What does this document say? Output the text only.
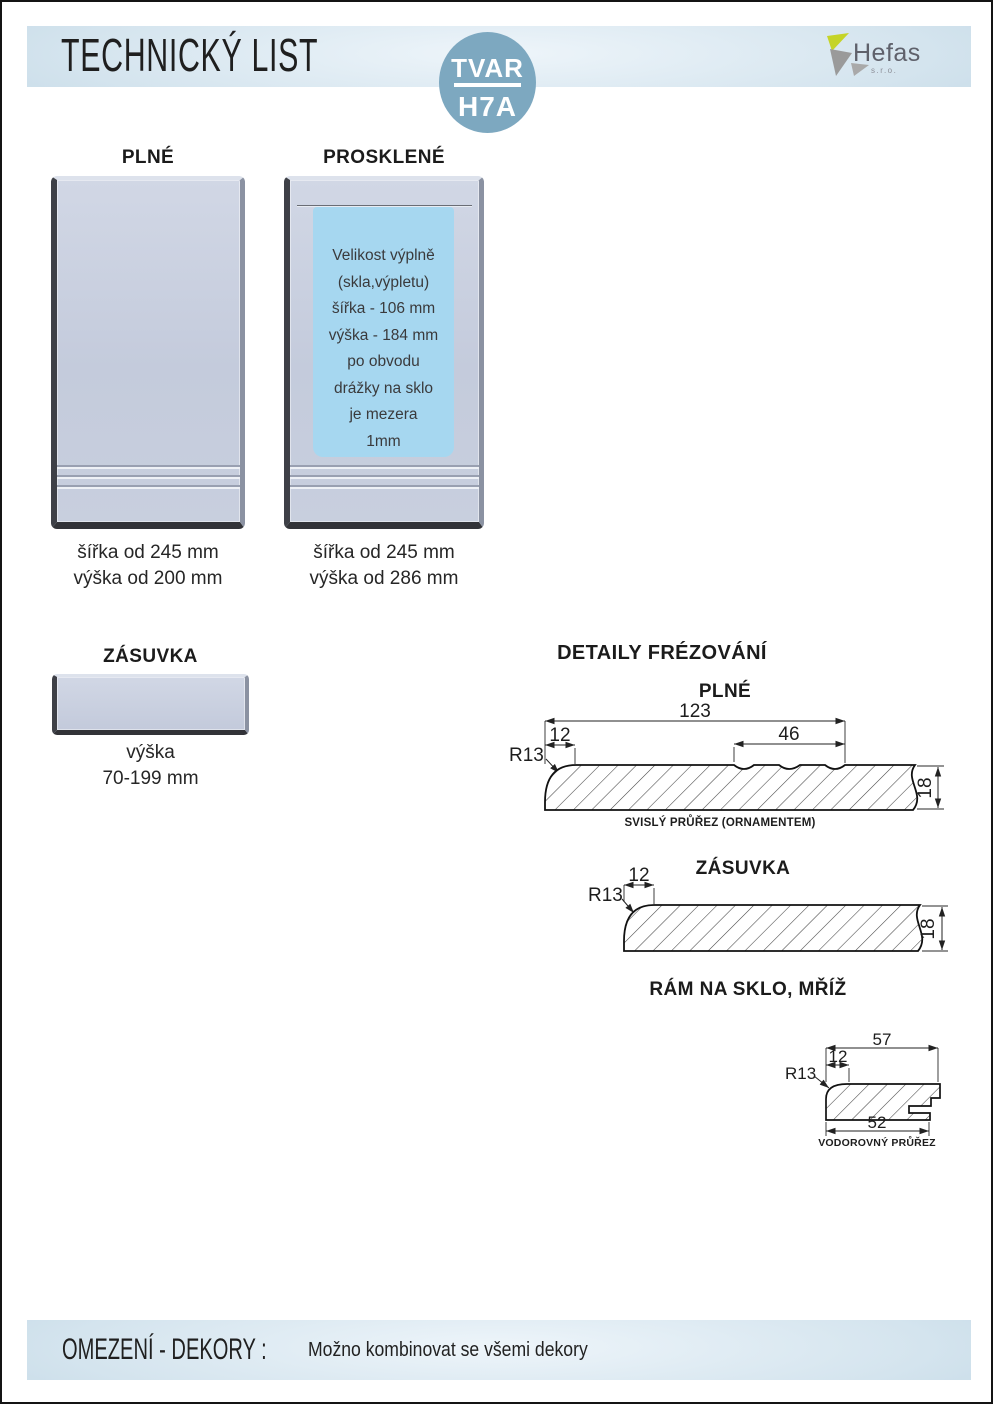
TECHNICKÝ LIST	TVAR
H7A
Hefas
s.r.o.
PLNÉ
šířka od 245 mm
výška od 200 mm
PROSKLENÉ
Velikost výplně
(skla,výpletu)
šířka - 106 mm
výška - 184 mm
po obvodu
drážky na sklo
je mezera
1mm
šířka od 245 mm
výška od 286 mm
ZÁSUVKA
výška
70-199 mm
DETAILY FRÉZOVÁNÍ
PLNÉ
ZÁSUVKA
RÁM NA SKLO, MŘÍŽ
123
12	46
R13
18
SVISLÝ PRŮŘEZ (ORNAMENTEM)
12
R13
18
57
12
R13
52
VODOROVNÝ PRŮŘEZ
OMEZENÍ - DEKORY : Možno kombinovat se všemi dekory
